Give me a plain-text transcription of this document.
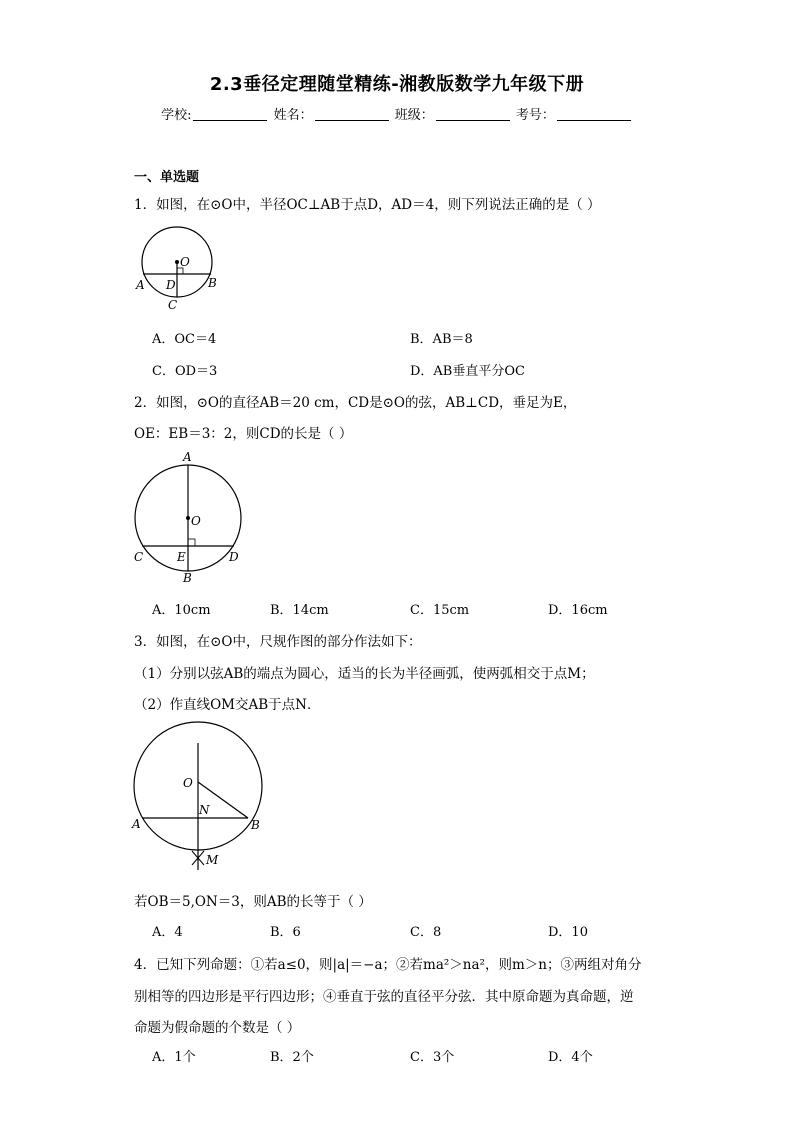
2.3垂径定理随堂精练-湘教版数学九年级下册
学校:	姓名：	班级：	考号：
一、单选题
1．如图，在⊙O中，半径OC⊥AB于点D，AD＝4，则下列说法正确的是（ ）
O
D
A	B
C
A．OC＝4	B．AB＝8
C．OD＝3	D．AB垂直平分OC
2．如图，⊙O的直径AB＝20 cm，CD是⊙O的弦，AB⊥CD，垂足为E，
OE：EB＝3：2，则CD的长是（ ）
A
O
C	E	D
B
A．10cm	B．14cm	C．15cm	D．16cm
3．如图，在⊙O中，尺规作图的部分作法如下：
（1）分别以弦AB的端点为圆心，适当的长为半径画弧，使两弧相交于点M；
（2）作直线OM交AB于点N．
O
N
A	B
M
若OB＝5,ON＝3，则AB的长等于（ ）
A．4	B．6	C．8	D．10
4．已知下列命题：①若a≤0，则|a|＝−a；②若ma²＞na²，则m＞n；③两组对角分
别相等的四边形是平行四边形；④垂直于弦的直径平分弦．其中原命题为真命题，逆
命题为假命题的个数是（ ）
A．1个	B．2个	C．3个	D．4个
